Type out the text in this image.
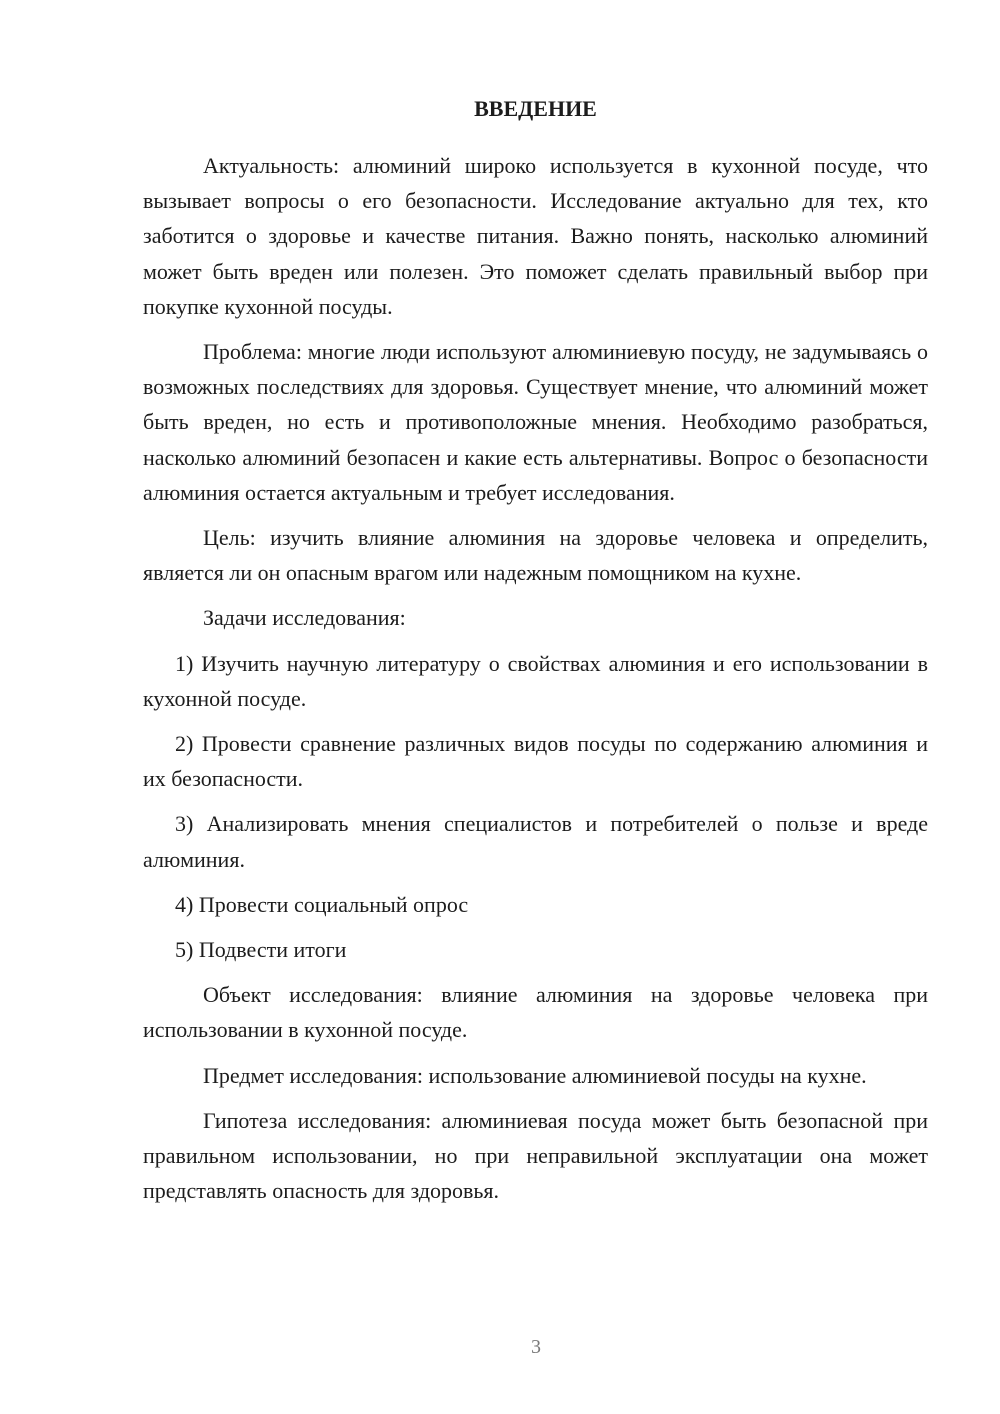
ВВЕДЕНИЕ

Актуальность: алюминий широко используется в кухонной посуде, что вызывает вопросы о его безопасности. Исследование актуально для тех, кто заботится о здоровье и качестве питания. Важно понять, насколько алюминий может быть вреден или полезен. Это поможет сделать правильный выбор при покупке кухонной посуды.

Проблема: многие люди используют алюминиевую посуду, не задумываясь о возможных последствиях для здоровья. Существует мнение, что алюминий может быть вреден, но есть и противоположные мнения. Необходимо разобраться, насколько алюминий безопасен и какие есть альтернативы. Вопрос о безопасности алюминия остается актуальным и требует исследования.

Цель: изучить влияние алюминия на здоровье человека и определить, является ли он опасным врагом или надежным помощником на кухне.

Задачи исследования:

1) Изучить научную литературу о свойствах алюминия и его использовании в кухонной посуде.

2) Провести сравнение различных видов посуды по содержанию алюминия и их безопасности.

3) Анализировать мнения специалистов и потребителей о пользе и вреде алюминия.

4) Провести социальный опрос

5) Подвести итоги

Объект исследования: влияние алюминия на здоровье человека при использовании в кухонной посуде.

Предмет исследования: использование алюминиевой посуды на кухне.

Гипотеза исследования: алюминиевая посуда может быть безопасной при правильном использовании, но при неправильной эксплуатации она может представлять опасность для здоровья.

3
